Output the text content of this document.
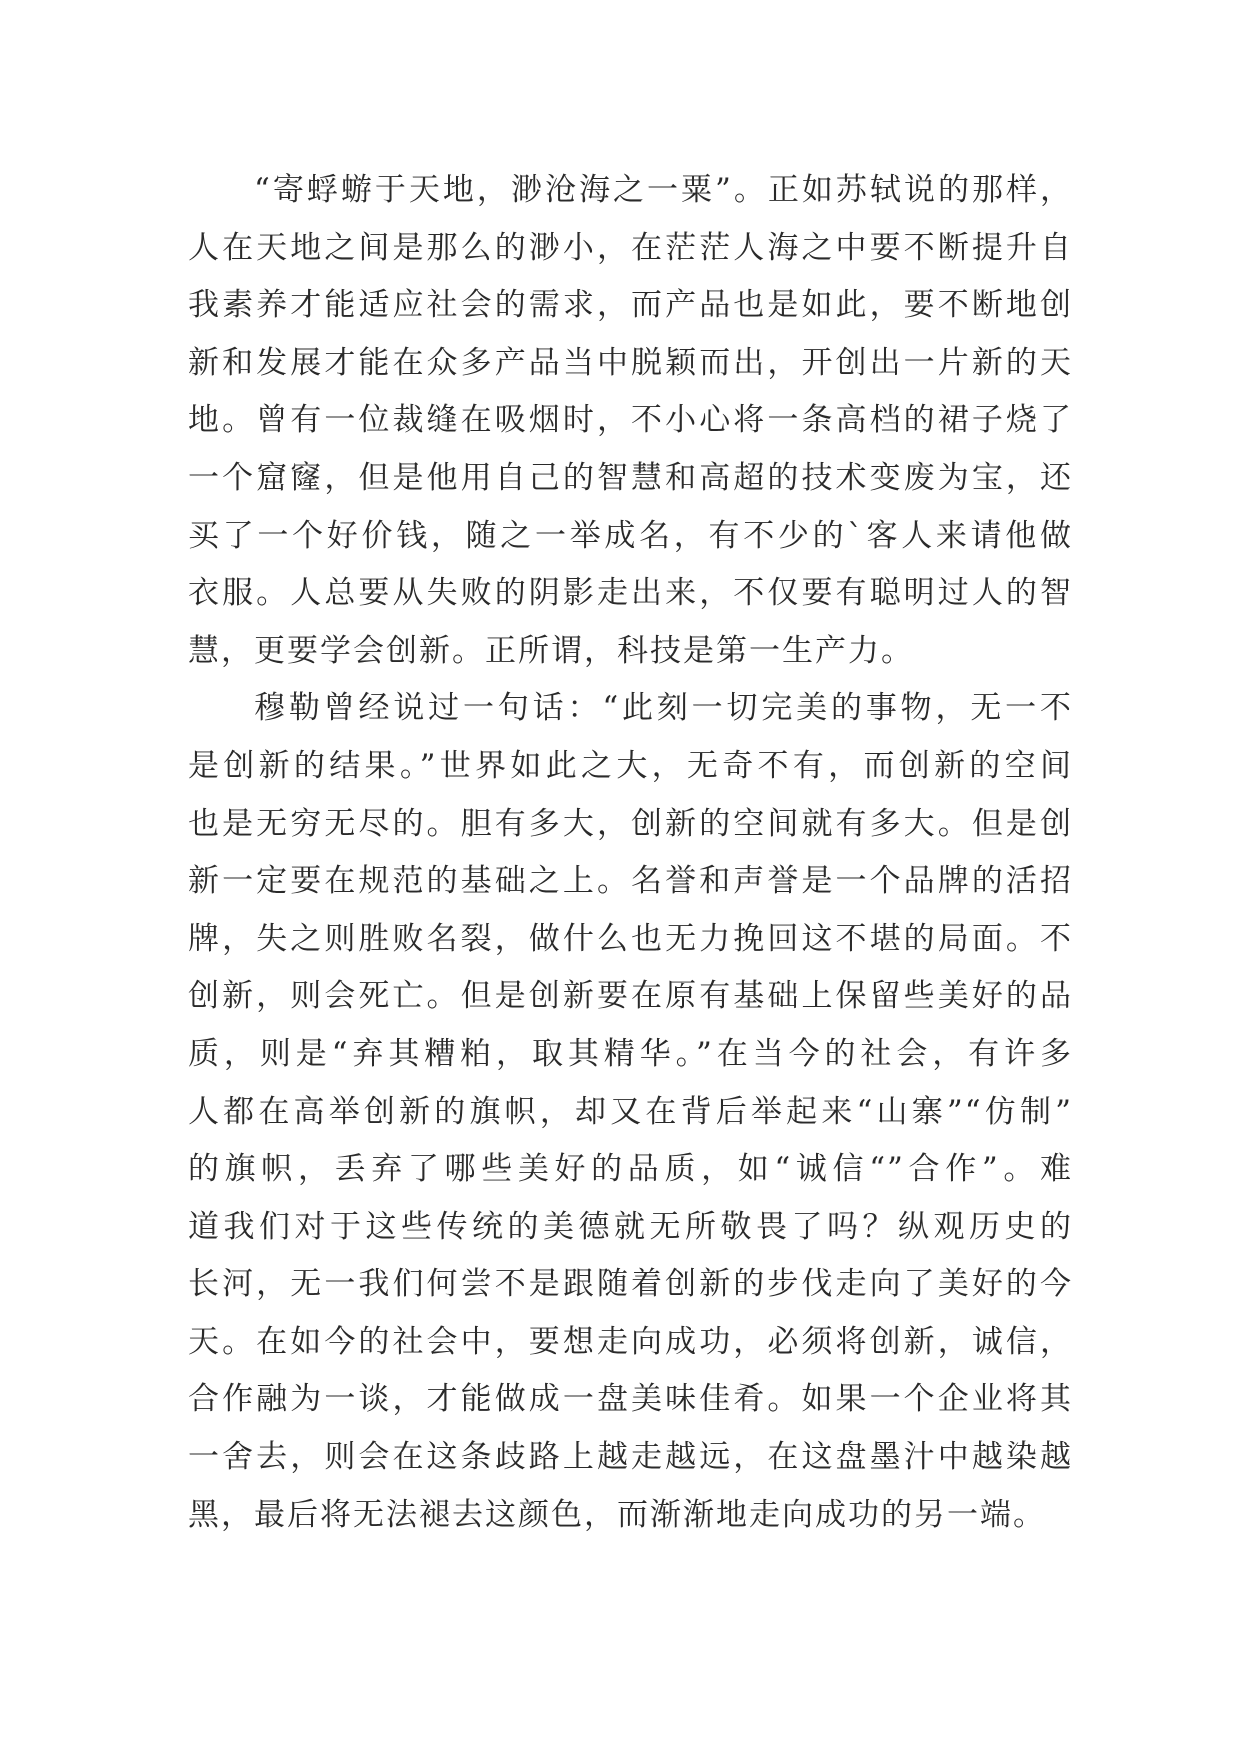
“寄蜉蝣于天地，渺沧海之一粟”。正如苏轼说的那样，
人在天地之间是那么的渺小，在茫茫人海之中要不断提升自
我素养才能适应社会的需求，而产品也是如此，要不断地创
新和发展才能在众多产品当中脱颖而出，开创出一片新的天
地。曾有一位裁缝在吸烟时，不小心将一条高档的裙子烧了
一个窟窿，但是他用自己的智慧和高超的技术变废为宝，还
买了一个好价钱，随之一举成名，有不少的`客人来请他做
衣服。人总要从失败的阴影走出来，不仅要有聪明过人的智
慧，更要学会创新。正所谓，科技是第一生产力。
穆勒曾经说过一句话：“此刻一切完美的事物，无一不
是创新的结果。”世界如此之大，无奇不有，而创新的空间
也是无穷无尽的。胆有多大，创新的空间就有多大。但是创
新一定要在规范的基础之上。名誉和声誉是一个品牌的活招
牌，失之则胜败名裂，做什么也无力挽回这不堪的局面。不
创新，则会死亡。但是创新要在原有基础上保留些美好的品
质，则是“弃其糟粕，取其精华。”在当今的社会，有许多
人都在高举创新的旗帜，却又在背后举起来“山寨”“仿制”
的旗帜，丢弃了哪些美好的品质，如“诚信“”合作”。难
道我们对于这些传统的美德就无所敬畏了吗？纵观历史的
长河，无一我们何尝不是跟随着创新的步伐走向了美好的今
天。在如今的社会中，要想走向成功，必须将创新，诚信，
合作融为一谈，才能做成一盘美味佳肴。如果一个企业将其
一舍去，则会在这条歧路上越走越远，在这盘墨汁中越染越
黑，最后将无法褪去这颜色，而渐渐地走向成功的另一端。
